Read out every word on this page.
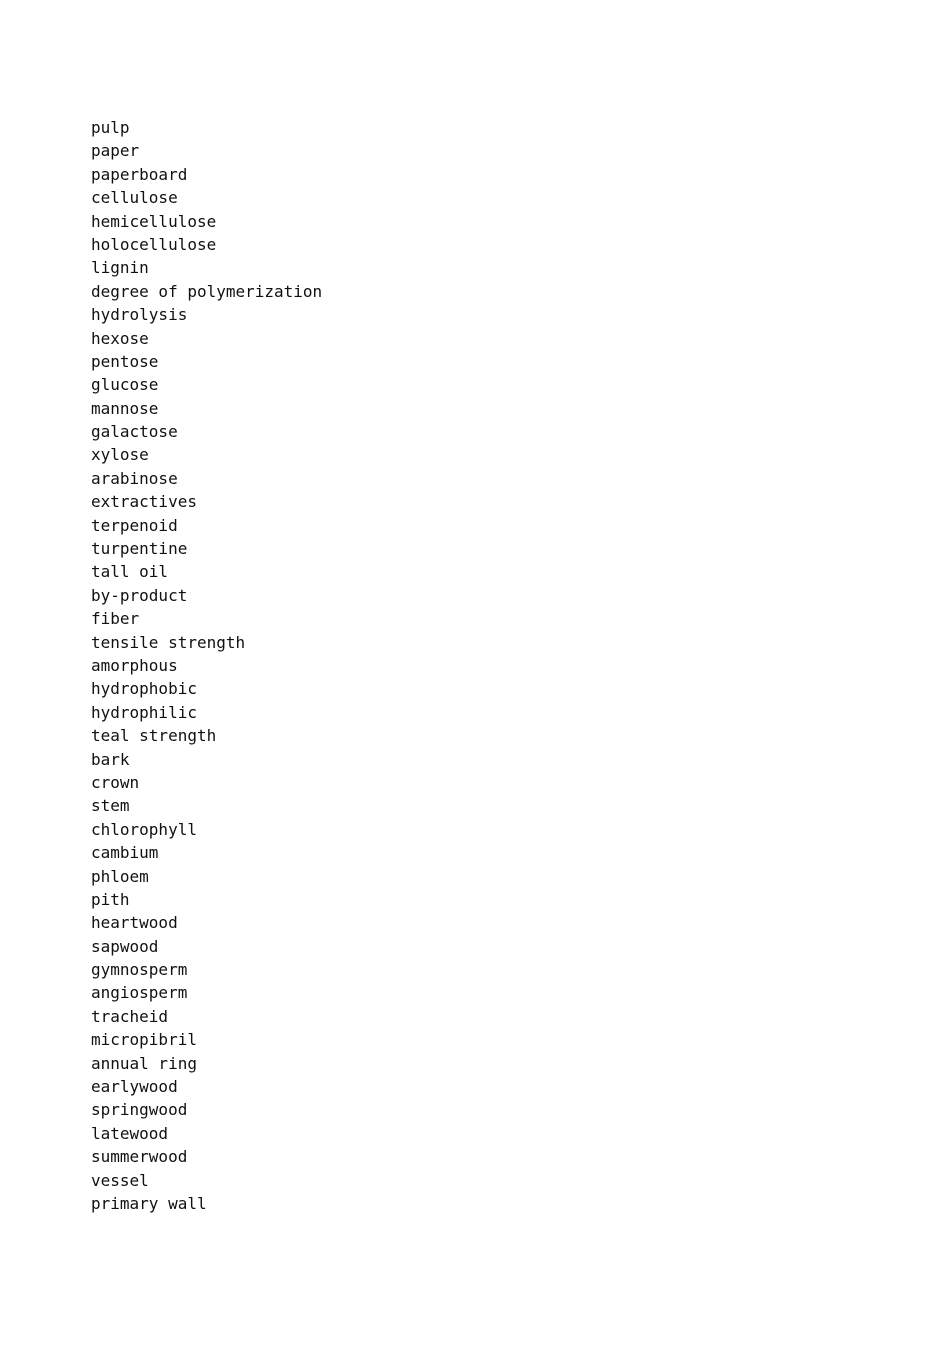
pulp
paper
paperboard
cellulose
hemicellulose
holocellulose
lignin
degree of polymerization
hydrolysis
hexose
pentose
glucose
mannose
galactose
xylose
arabinose
extractives
terpenoid
turpentine
tall oil
by-product
fiber
tensile strength
amorphous
hydrophobic
hydrophilic
teal strength
bark
crown
stem
chlorophyll
cambium
phloem
pith
heartwood
sapwood
gymnosperm
angiosperm
tracheid
micropibril
annual ring
earlywood
springwood
latewood
summerwood
vessel
primary wall
